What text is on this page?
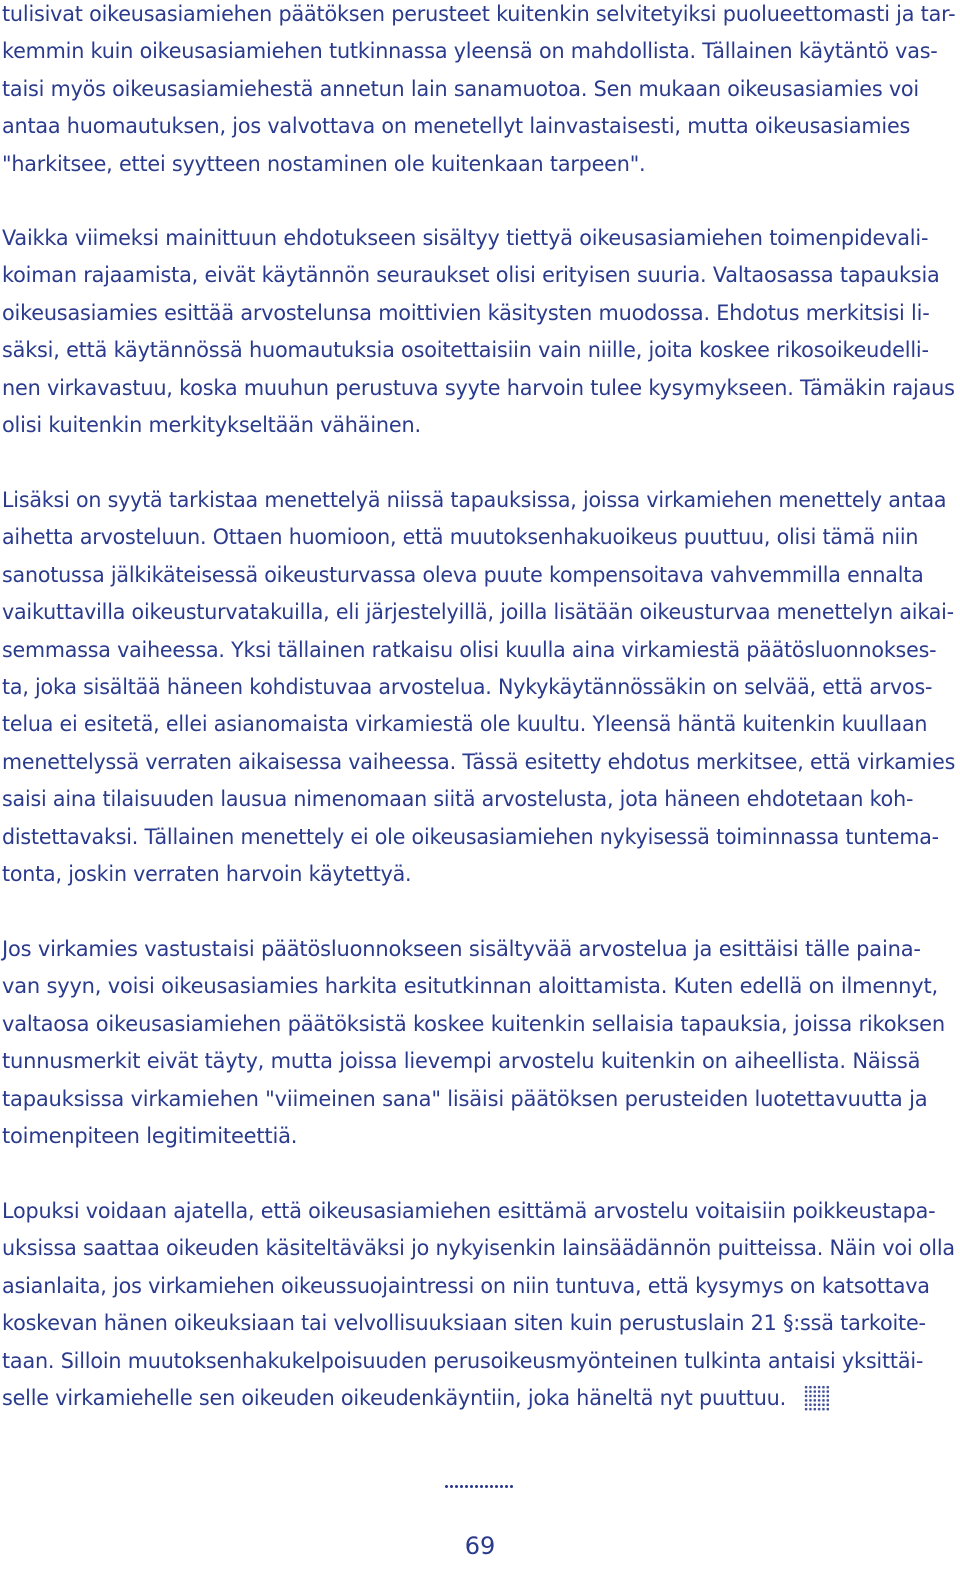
tulisivat oikeusasiamiehen päätöksen perusteet kuitenkin selvitetyiksi puolueettomasti ja tar-
kemmin kuin oikeusasiamiehen tutkinnassa yleensä on mahdollista. Tällainen käytäntö vas-
taisi myös oikeusasiamiehestä annetun lain sanamuotoa. Sen mukaan oikeusasiamies voi
antaa huomautuksen, jos valvottava on menetellyt lainvastaisesti, mutta oikeusasiamies
"harkitsee, ettei syytteen nostaminen ole kuitenkaan tarpeen".

Vaikka viimeksi mainittuun ehdotukseen sisältyy tiettyä oikeusasiamiehen toimenpidevali-
koiman rajaamista, eivät käytännön seuraukset olisi erityisen suuria. Valtaosassa tapauksia
oikeusasiamies esittää arvostelunsa moittivien käsitysten muodossa. Ehdotus merkitsisi li-
säksi, että käytännössä huomautuksia osoitettaisiin vain niille, joita koskee rikosoikeudelli-
nen virkavastuu, koska muuhun perustuva syyte harvoin tulee kysymykseen. Tämäkin rajaus
olisi kuitenkin merkitykseltään vähäinen.

Lisäksi on syytä tarkistaa menettelyä niissä tapauksissa, joissa virkamiehen menettely antaa
aihetta arvosteluun. Ottaen huomioon, että muutoksenhakuoikeus puuttuu, olisi tämä niin
sanotussa jälkikäteisessä oikeusturvassa oleva puute kompensoitava vahvemmilla ennalta
vaikuttavilla oikeusturvatakuilla, eli järjestelyillä, joilla lisätään oikeusturvaa menettelyn aikai-
semmassa vaiheessa. Yksi tällainen ratkaisu olisi kuulla aina virkamiestä päätösluonnokses-
ta, joka sisältää häneen kohdistuvaa arvostelua. Nykykäytännössäkin on selvää, että arvos-
telua ei esitetä, ellei asianomaista virkamiestä ole kuultu. Yleensä häntä kuitenkin kuullaan
menettelyssä verraten aikaisessa vaiheessa. Tässä esitetty ehdotus merkitsee, että virkamies
saisi aina tilaisuuden lausua nimenomaan siitä arvostelusta, jota häneen ehdotetaan koh-
distettavaksi. Tällainen menettely ei ole oikeusasiamiehen nykyisessä toiminnassa tuntema-
tonta, joskin verraten harvoin käytettyä.

Jos virkamies vastustaisi päätösluonnokseen sisältyvää arvostelua ja esittäisi tälle paina-
van syyn, voisi oikeusasiamies harkita esitutkinnan aloittamista. Kuten edellä on ilmennyt,
valtaosa oikeusasiamiehen päätöksistä koskee kuitenkin sellaisia tapauksia, joissa rikoksen
tunnusmerkit eivät täyty, mutta joissa lievempi arvostelu kuitenkin on aiheellista. Näissä
tapauksissa virkamiehen "viimeinen sana" lisäisi päätöksen perusteiden luotettavuutta ja
toimenpiteen legitimiteettiä.

Lopuksi voidaan ajatella, että oikeusasiamiehen esittämä arvostelu voitaisiin poikkeustapa-
uksissa saattaa oikeuden käsiteltäväksi jo nykyisenkin lainsäädännön puitteissa. Näin voi olla
asianlaita, jos virkamiehen oikeussuojaintressi on niin tuntuva, että kysymys on katsottava
koskevan hänen oikeuksiaan tai velvollisuuksiaan siten kuin perustuslain 21 §:ssä tarkoite-
taan. Silloin muutoksenhakukelpoisuuden perusoikeusmyönteinen tulkinta antaisi yksittäi-
selle virkamiehelle sen oikeuden oikeudenkäyntiin, joka häneltä nyt puuttuu.

69
